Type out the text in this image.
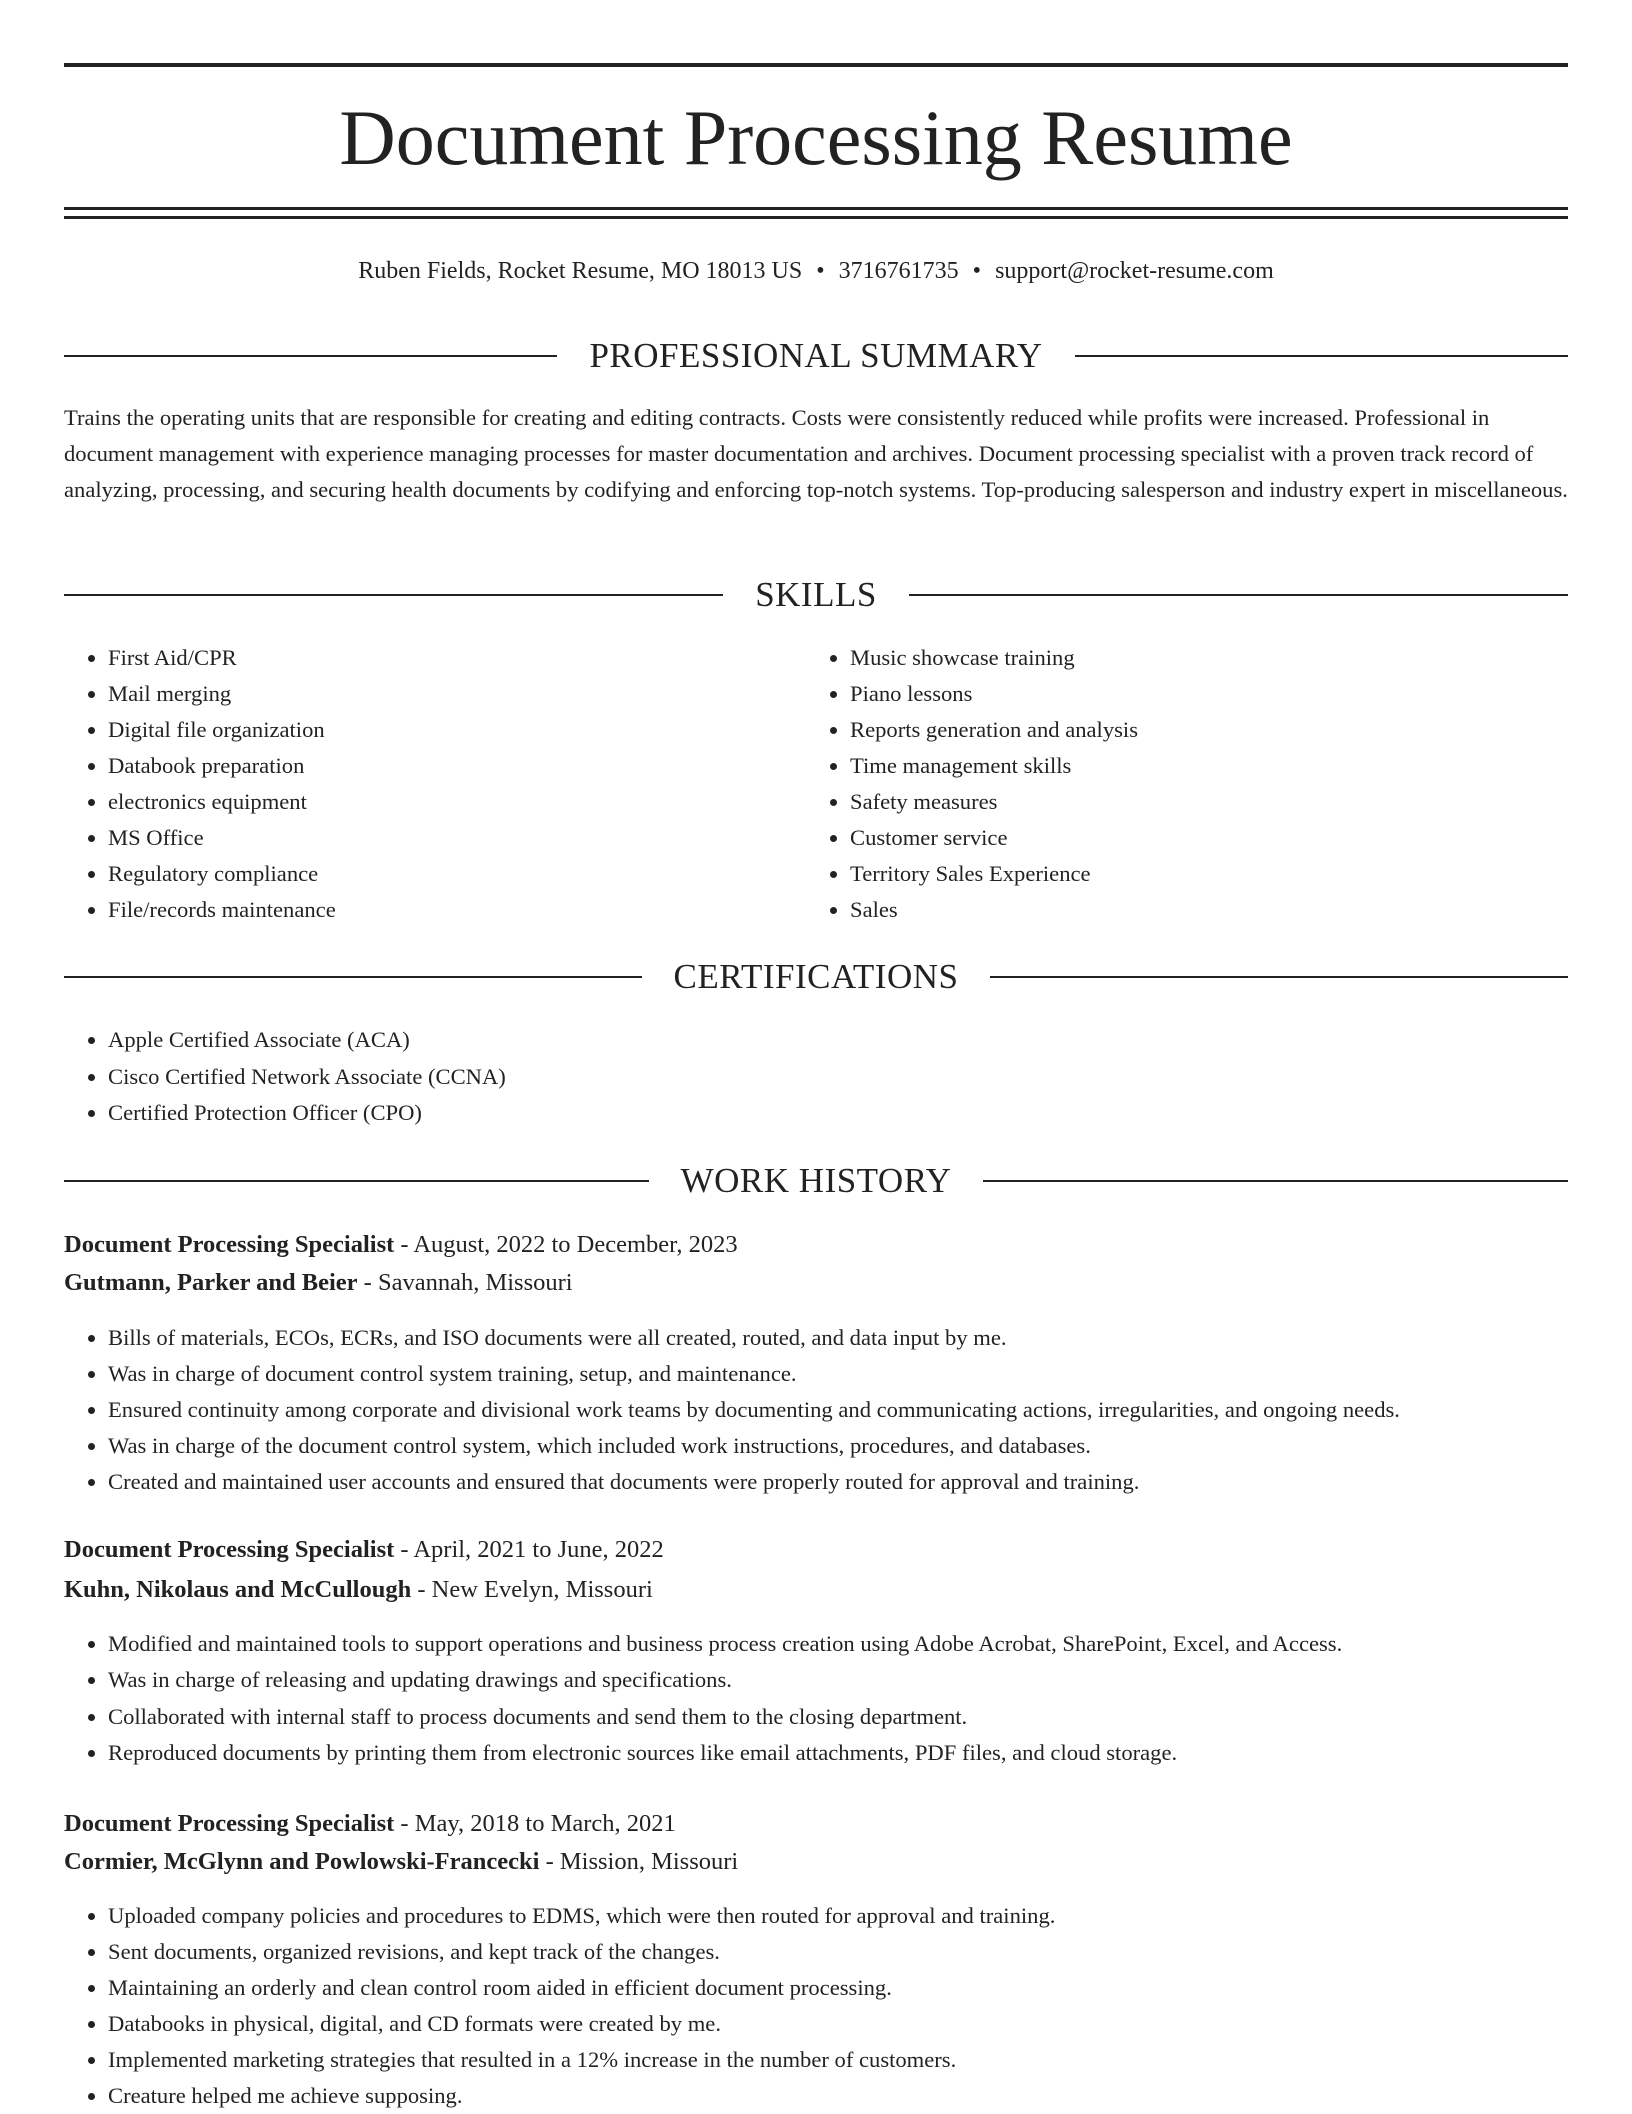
Document Processing Resume
Ruben Fields, Rocket Resume, MO 18013 US • 3716761735 • support@rocket-resume.com
PROFESSIONAL SUMMARY

Trains the operating units that are responsible for creating and editing contracts. Costs were consistently reduced while profits were increased. Professional in document management with experience managing processes for master documentation and archives. Document processing specialist with a proven track record of analyzing, processing, and securing health documents by codifying and enforcing top-notch systems. Top-producing salesperson and industry expert in miscellaneous.

SKILLS
• First Aid/CPR
• Mail merging
• Digital file organization
• Databook preparation
• electronics equipment
• MS Office
• Regulatory compliance
• File/records maintenance
• Music showcase training
• Piano lessons
• Reports generation and analysis
• Time management skills
• Safety measures
• Customer service
• Territory Sales Experience
• Sales
CERTIFICATIONS
• Apple Certified Associate (ACA)
• Cisco Certified Network Associate (CCNA)
• Certified Protection Officer (CPO)
WORK HISTORY
Document Processing Specialist - August, 2022 to December, 2023
Gutmann, Parker and Beier - Savannah, Missouri
• Bills of materials, ECOs, ECRs, and ISO documents were all created, routed, and data input by me.
• Was in charge of document control system training, setup, and maintenance.
• Ensured continuity among corporate and divisional work teams by documenting and communicating actions, irregularities, and ongoing needs.
• Was in charge of the document control system, which included work instructions, procedures, and databases.
• Created and maintained user accounts and ensured that documents were properly routed for approval and training.
Document Processing Specialist - April, 2021 to June, 2022
Kuhn, Nikolaus and McCullough - New Evelyn, Missouri
• Modified and maintained tools to support operations and business process creation using Adobe Acrobat, SharePoint, Excel, and Access.
• Was in charge of releasing and updating drawings and specifications.
• Collaborated with internal staff to process documents and send them to the closing department.
• Reproduced documents by printing them from electronic sources like email attachments, PDF files, and cloud storage.
Document Processing Specialist - May, 2018 to March, 2021
Cormier, McGlynn and Powlowski-Francecki - Mission, Missouri
• Uploaded company policies and procedures to EDMS, which were then routed for approval and training.
• Sent documents, organized revisions, and kept track of the changes.
• Maintaining an orderly and clean control room aided in efficient document processing.
• Databooks in physical, digital, and CD formats were created by me.
• Implemented marketing strategies that resulted in a 12% increase in the number of customers.
• Creature helped me achieve supposing.
